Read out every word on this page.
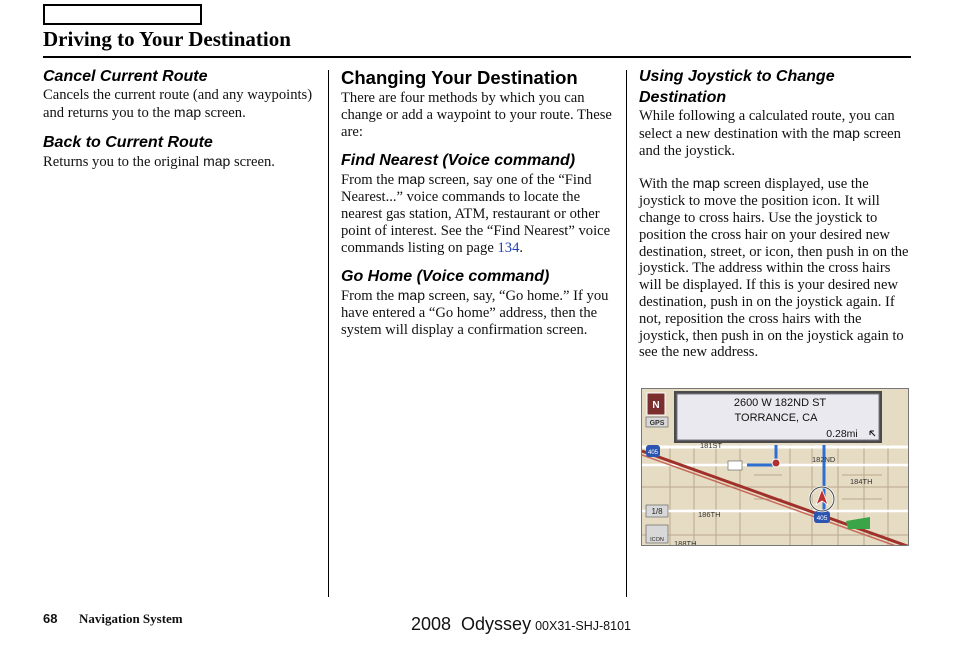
Driving to Your Destination
Cancel Current Route

Cancels the current route (and any waypoints) and returns you to the map screen.

Back to Current Route

Returns you to the original map screen.

Changing Your Destination

There are four methods by which you can change or add a waypoint to your route. These are:

Find Nearest (Voice command)

From the map screen, say one of the “Find Nearest...” voice commands to locate the nearest gas station, ATM, restaurant or other point of interest. See the “Find Nearest” voice commands listing on page 134.

Go Home (Voice command)

From the map screen, say, “Go home.” If you have entered a “Go home” address, then the system will display a confirmation screen.

Using Joystick to Change Destination

While following a calculated route, you can select a new destination with the map screen and the joystick.

With the map screen displayed, use the joystick to move the position icon. It will change to cross hairs. Use the joystick to position the cross hair on your desired new destination, street, or icon, then push in on the joystick. The address within the cross hairs will be displayed. If this is your desired new destination, push in on the joystick again. If not, reposition the cross hairs with the joystick, then push in on the joystick again to see the new address.

N
GPS
405
405
2600 W 182ND ST
TORRANCE, CA
0.28mi
181ST
182ND
184TH
186TH
188TH
1/8
ICON
68 Navigation System	2008  Odyssey 00X31-SHJ-8101
